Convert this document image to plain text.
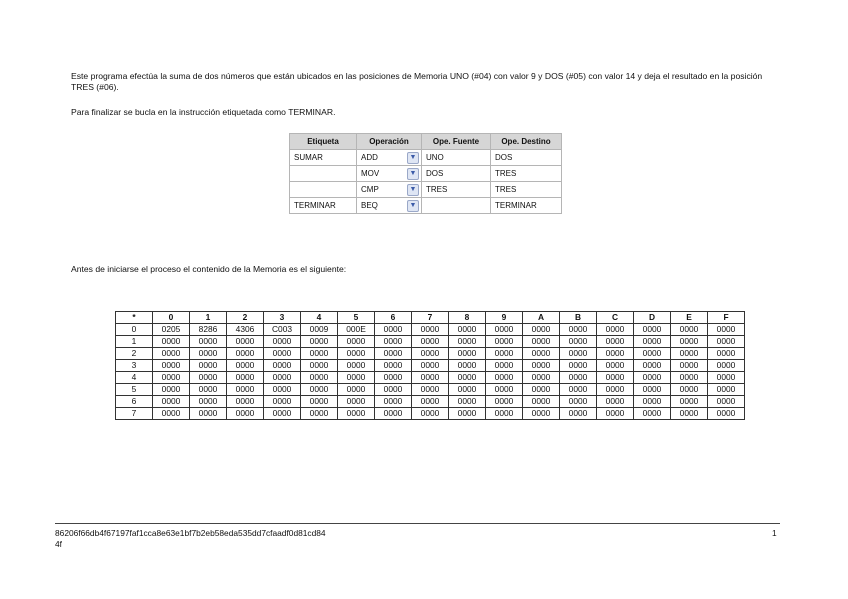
Este programa efectúa la suma de dos números que están ubicados en las posiciones de Memoria UNO (#04) con valor 9 y DOS (#05) con valor 14 y deja el resultado en la posición TRES (#06).
Para finalizar se bucla en la instrucción etiquetada como TERMINAR.
Etiqueta	Operación	Ope. Fuente	Ope. Destino
SUMAR	ADD ▼	UNO	DOS
	MOV ▼	DOS	TRES
	CMP ▼	TRES	TRES
TERMINAR	BEQ ▼		TERMINAR
Antes de iniciarse el proceso el contenido de la Memoria es el siguiente:
*	0	1	2	3	4	5	6	7	8	9	A	B	C	D	E	F
0	0205	8286	4306	C003	0009	000E	0000	0000	0000	0000	0000	0000	0000	0000	0000	0000
1	0000	0000	0000	0000	0000	0000	0000	0000	0000	0000	0000	0000	0000	0000	0000	0000
2	0000	0000	0000	0000	0000	0000	0000	0000	0000	0000	0000	0000	0000	0000	0000	0000
3	0000	0000	0000	0000	0000	0000	0000	0000	0000	0000	0000	0000	0000	0000	0000	0000
4	0000	0000	0000	0000	0000	0000	0000	0000	0000	0000	0000	0000	0000	0000	0000	0000
5	0000	0000	0000	0000	0000	0000	0000	0000	0000	0000	0000	0000	0000	0000	0000	0000
6	0000	0000	0000	0000	0000	0000	0000	0000	0000	0000	0000	0000	0000	0000	0000	0000
7	0000	0000	0000	0000	0000	0000	0000	0000	0000	0000	0000	0000	0000	0000	0000	0000
86206f66db4f67197faf1cca8e63e1bf7b2eb58eda535dd7cfaadf0d81cd84
4f
1
